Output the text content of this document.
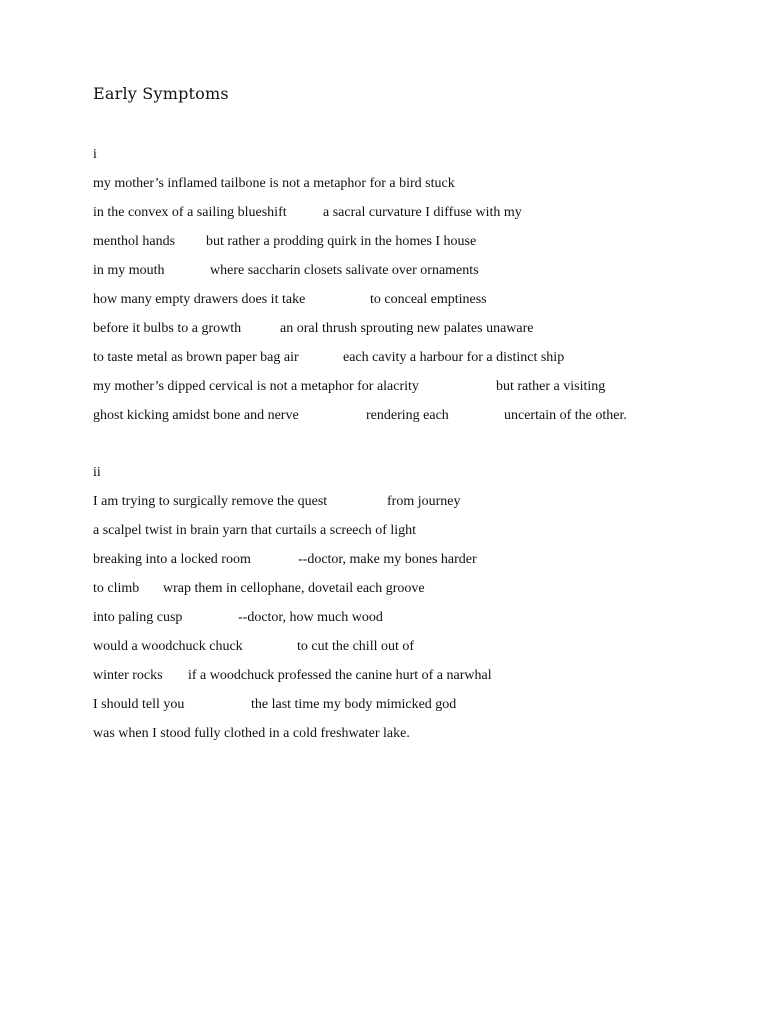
Early Symptoms
i
my mother’s inflamed tailbone is not a metaphor for a bird stuck
in the convex of a sailing blueshift	a sacral curvature I diffuse with my
menthol hands but rather a prodding quirk in the homes I house
in my mouth	where saccharin closets salivate over ornaments
how many empty drawers does it take	to conceal emptiness
before it bulbs to a growth	an oral thrush sprouting new palates unaware
to taste metal as brown paper bag air	each cavity a harbour for a distinct ship
my mother’s dipped cervical is not a metaphor for alacrity	but rather a visiting
ghost kicking amidst bone and nerve	rendering each	uncertain of the other.
ii
I am trying to surgically remove the quest	from journey
a scalpel twist in brain yarn that curtails a screech of light
breaking into a locked room	--doctor, make my bones harder
to climb wrap them in cellophane, dovetail each groove
into paling cusp	--doctor, how much wood
would a woodchuck chuck	to cut the chill out of
winter rocks if a woodchuck professed the canine hurt of a narwhal
I should tell you	the last time my body mimicked god
was when I stood fully clothed in a cold freshwater lake.
